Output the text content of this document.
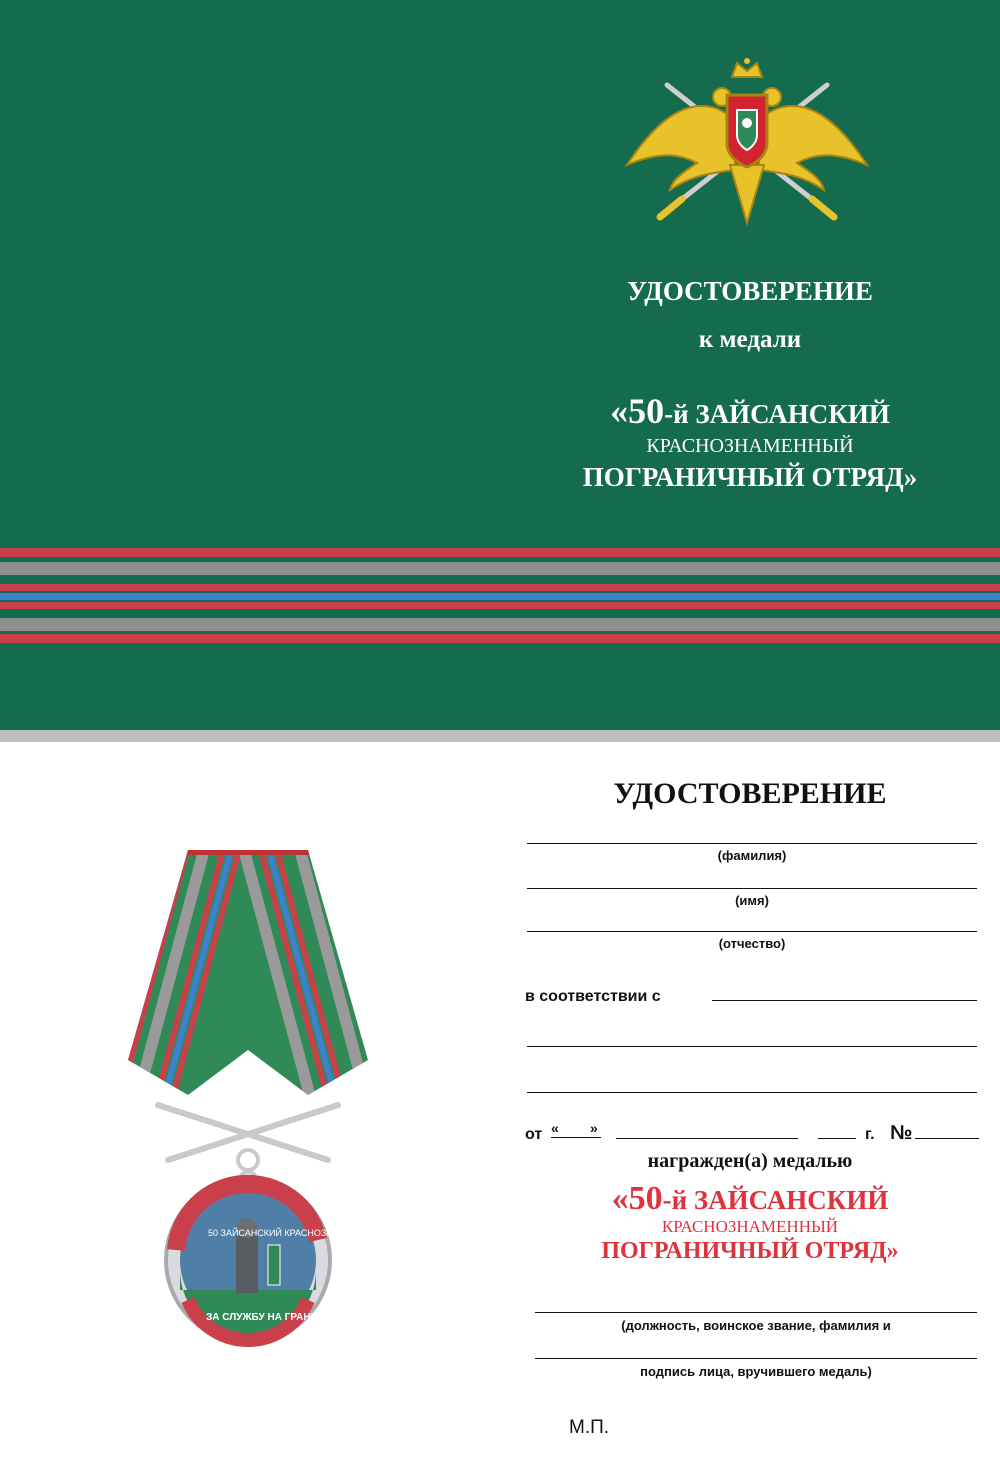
УДОСТОВЕРЕНИЕ
к медали
«50-й ЗАЙСАНСКИЙ
КРАСНОЗНАМЕННЫЙ
ПОГРАНИЧНЫЙ ОТРЯД»
50 ЗАЙСАНСКИЙ КРАСНОЗНАМЕННЫЙ ПОГРАНИЧНЫЙ ОТРЯД
ЗА СЛУЖБУ НА ГРАНИЦЕ
УДОСТОВЕРЕНИЕ
(фамилия)
(имя)
(отчество)
в соответствии с
от « »	г. №
награжден(а) медалью
«50-й ЗАЙСАНСКИЙ
КРАСНОЗНАМЕННЫЙ
ПОГРАНИЧНЫЙ ОТРЯД»
(должность, воинское звание, фамилия и
подпись лица, вручившего медаль)
М.П.
